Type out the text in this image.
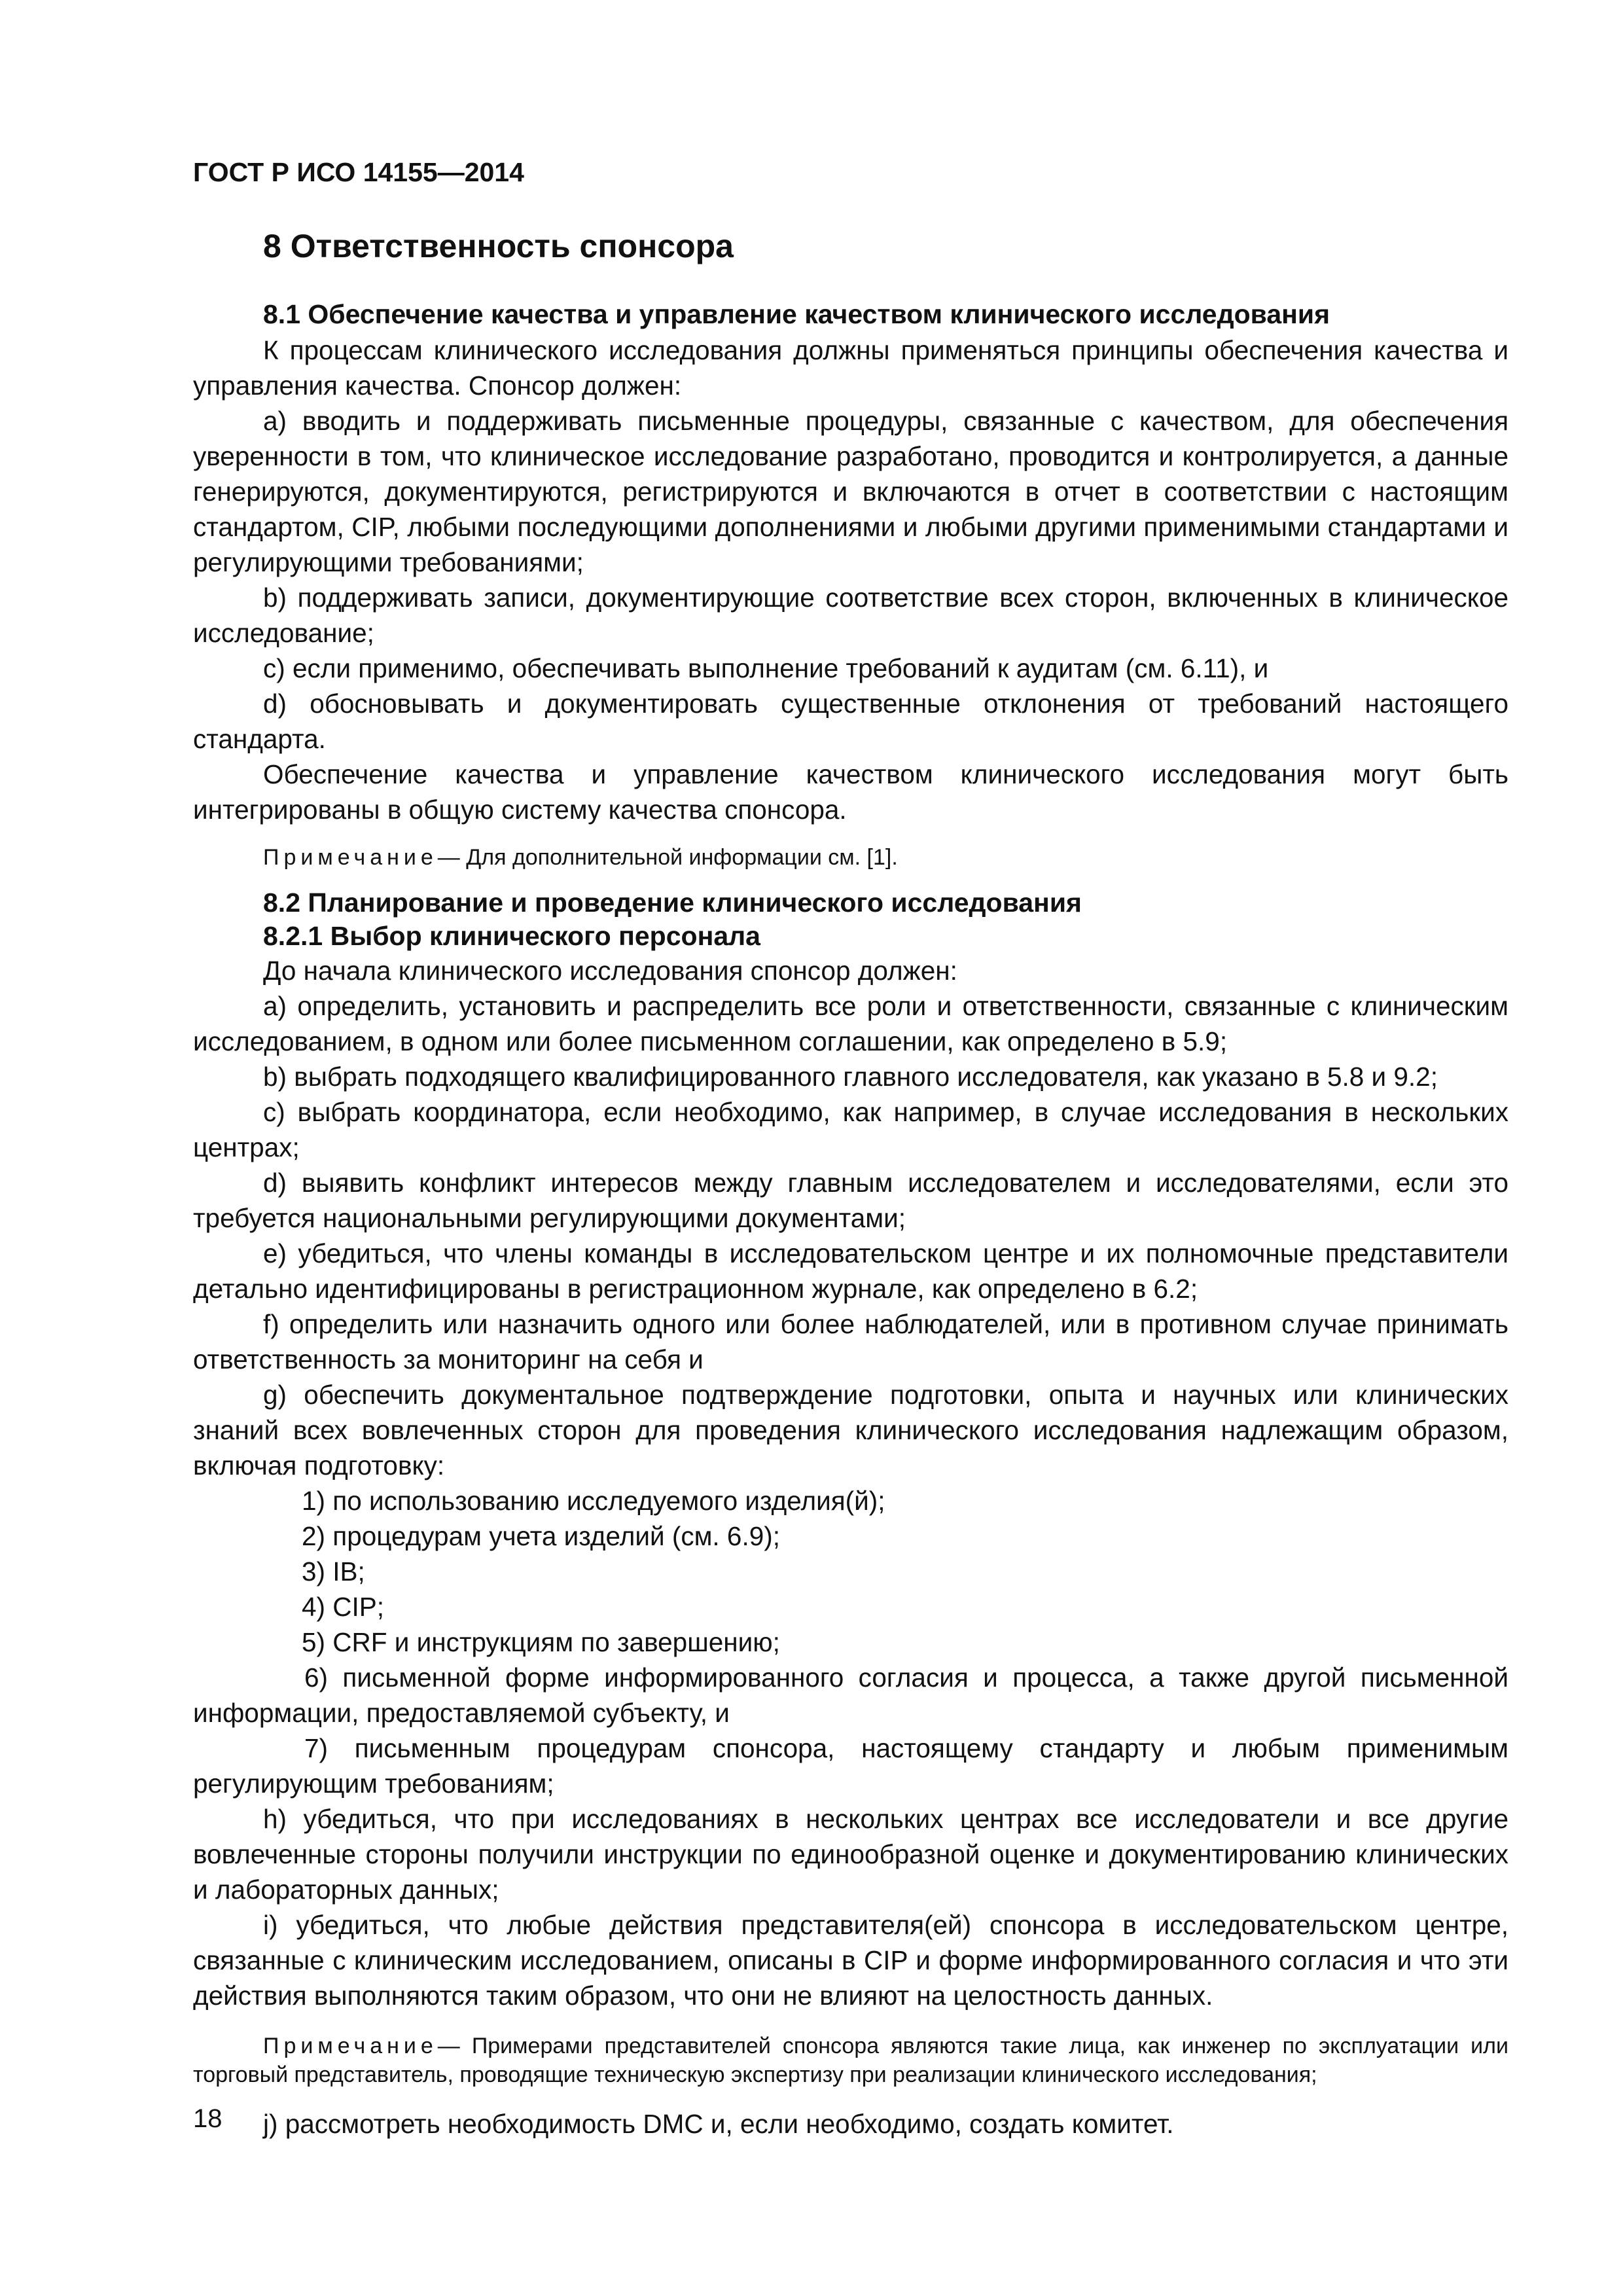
ГОСТ Р ИСО 14155—2014
8 Ответственность спонсора
8.1 Обеспечение качества и управление качеством клинического исследования

К процессам клинического исследования должны применяться принципы обеспечения качества и управления качества. Спонсор должен:

a) вводить и поддерживать письменные процедуры, связанные с качеством, для обеспечения уверенности в том, что клиническое исследование разработано, проводится и контролируется, а данные генерируются, документируются, регистрируются и включаются в отчет в соответствии с настоящим стандартом, CIP, любыми последующими дополнениями и любыми другими применимыми стандартами и регулирующими требованиями;

b) поддерживать записи, документирующие соответствие всех сторон, включенных в клиническое исследование;

c) если применимо, обеспечивать выполнение требований к аудитам (см. 6.11), и

d) обосновывать и документировать существенные отклонения от требований настоящего стандарта.

Обеспечение качества и управление качеством клинического исследования могут быть интегрированы в общую систему качества спонсора.

Примечание— Для дополнительной информации см. [1].

8.2 Планирование и проведение клинического исследования
8.2.1 Выбор клинического персонала

До начала клинического исследования спонсор должен:

a) определить, установить и распределить все роли и ответственности, связанные с клиническим исследованием, в одном или более письменном соглашении, как определено в 5.9;

b) выбрать подходящего квалифицированного главного исследователя, как указано в 5.8 и 9.2;

c) выбрать координатора, если необходимо, как например, в случае исследования в нескольких центрах;

d) выявить конфликт интересов между главным исследователем и исследователями, если это требуется национальными регулирующими документами;

e) убедиться, что члены команды в исследовательском центре и их полномочные представители детально идентифицированы в регистрационном журнале, как определено в 6.2;

f) определить или назначить одного или более наблюдателей, или в противном случае принимать ответственность за мониторинг на себя и

g) обеспечить документальное подтверждение подготовки, опыта и научных или клинических знаний всех вовлеченных сторон для проведения клинического исследования надлежащим образом, включая подготовку:

1) по использованию исследуемого изделия(й);

2) процедурам учета изделий (см. 6.9);

3) IB;

4) CIP;

5) CRF и инструкциям по завершению;

6) письменной форме информированного согласия и процесса, а также другой письменной информации, предоставляемой субъекту, и

7) письменным процедурам спонсора, настоящему стандарту и любым применимым регулирующим требованиям;

h) убедиться, что при исследованиях в нескольких центрах все исследователи и все другие вовлеченные стороны получили инструкции по единообразной оценке и документированию клинических и лабораторных данных;

i) убедиться, что любые действия представителя(ей) спонсора в исследовательском центре, связанные с клиническим исследованием, описаны в CIP и форме информированного согласия и что эти действия выполняются таким образом, что они не влияют на целостность данных.

Примечание— Примерами представителей спонсора являются такие лица, как инженер по эксплуатации или торговый представитель, проводящие техническую экспертизу при реализации клинического исследования;

j) рассмотреть необходимость DMC и, если необходимо, создать комитет.

18
